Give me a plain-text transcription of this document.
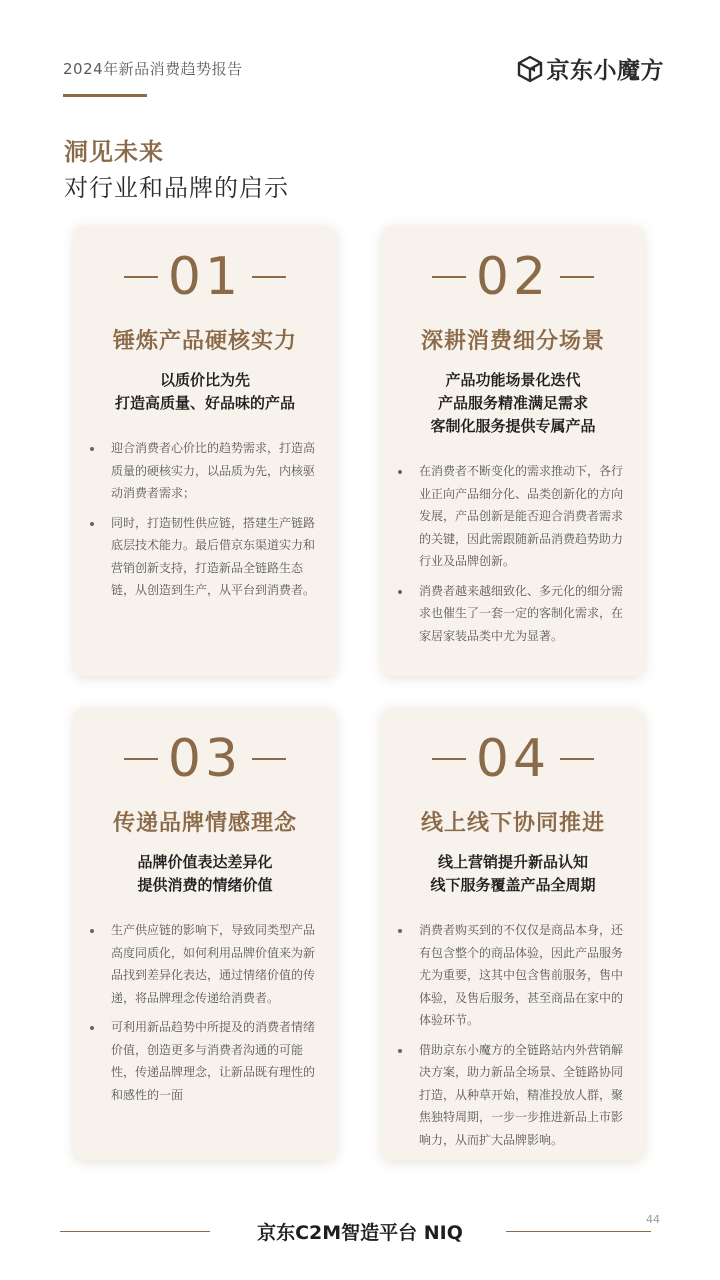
2024年新品消费趋势报告	京东小魔方
洞见未来
对行业和品牌的启示
01
锤炼产品硬核实力
以质价比为先
打造高质量、好品味的产品
迎合消费者心价比的趋势需求，打造高质量的硬核实力，以品质为先，内核驱动消费者需求；
同时，打造韧性供应链，搭建生产链路底层技术能力。最后借京东渠道实力和营销创新支持，打造新品全链路生态链，从创造到生产，从平台到消费者。
02
深耕消费细分场景
产品功能场景化迭代
产品服务精准满足需求
客制化服务提供专属产品
在消费者不断变化的需求推动下，各行业正向产品细分化、品类创新化的方向发展，产品创新是能否迎合消费者需求的关键，因此需跟随新品消费趋势助力行业及品牌创新。
消费者越来越细致化、多元化的细分需求也催生了一套一定的客制化需求，在家居家装品类中尤为显著。
03
传递品牌情感理念
品牌价值表达差异化
提供消费的情绪价值
生产供应链的影响下，导致同类型产品高度同质化，如何利用品牌价值来为新品找到差异化表达，通过情绪价值的传递，将品牌理念传递给消费者。
可利用新品趋势中所提及的消费者情绪价值，创造更多与消费者沟通的可能性，传递品牌理念，让新品既有理性的和感性的一面
04
线上线下协同推进
线上营销提升新品认知
线下服务覆盖产品全周期
消费者购买到的不仅仅是商品本身，还有包含整个的商品体验，因此产品服务尤为重要，这其中包含售前服务，售中体验，及售后服务，甚至商品在家中的体验环节。
借助京东小魔方的全链路站内外营销解决方案，助力新品全场景、全链路协同打造，从种草开始，精准投放人群，聚焦独特周期，一步一步推进新品上市影响力，从而扩大品牌影响。
京东C2M智造平台 NIQ
44
